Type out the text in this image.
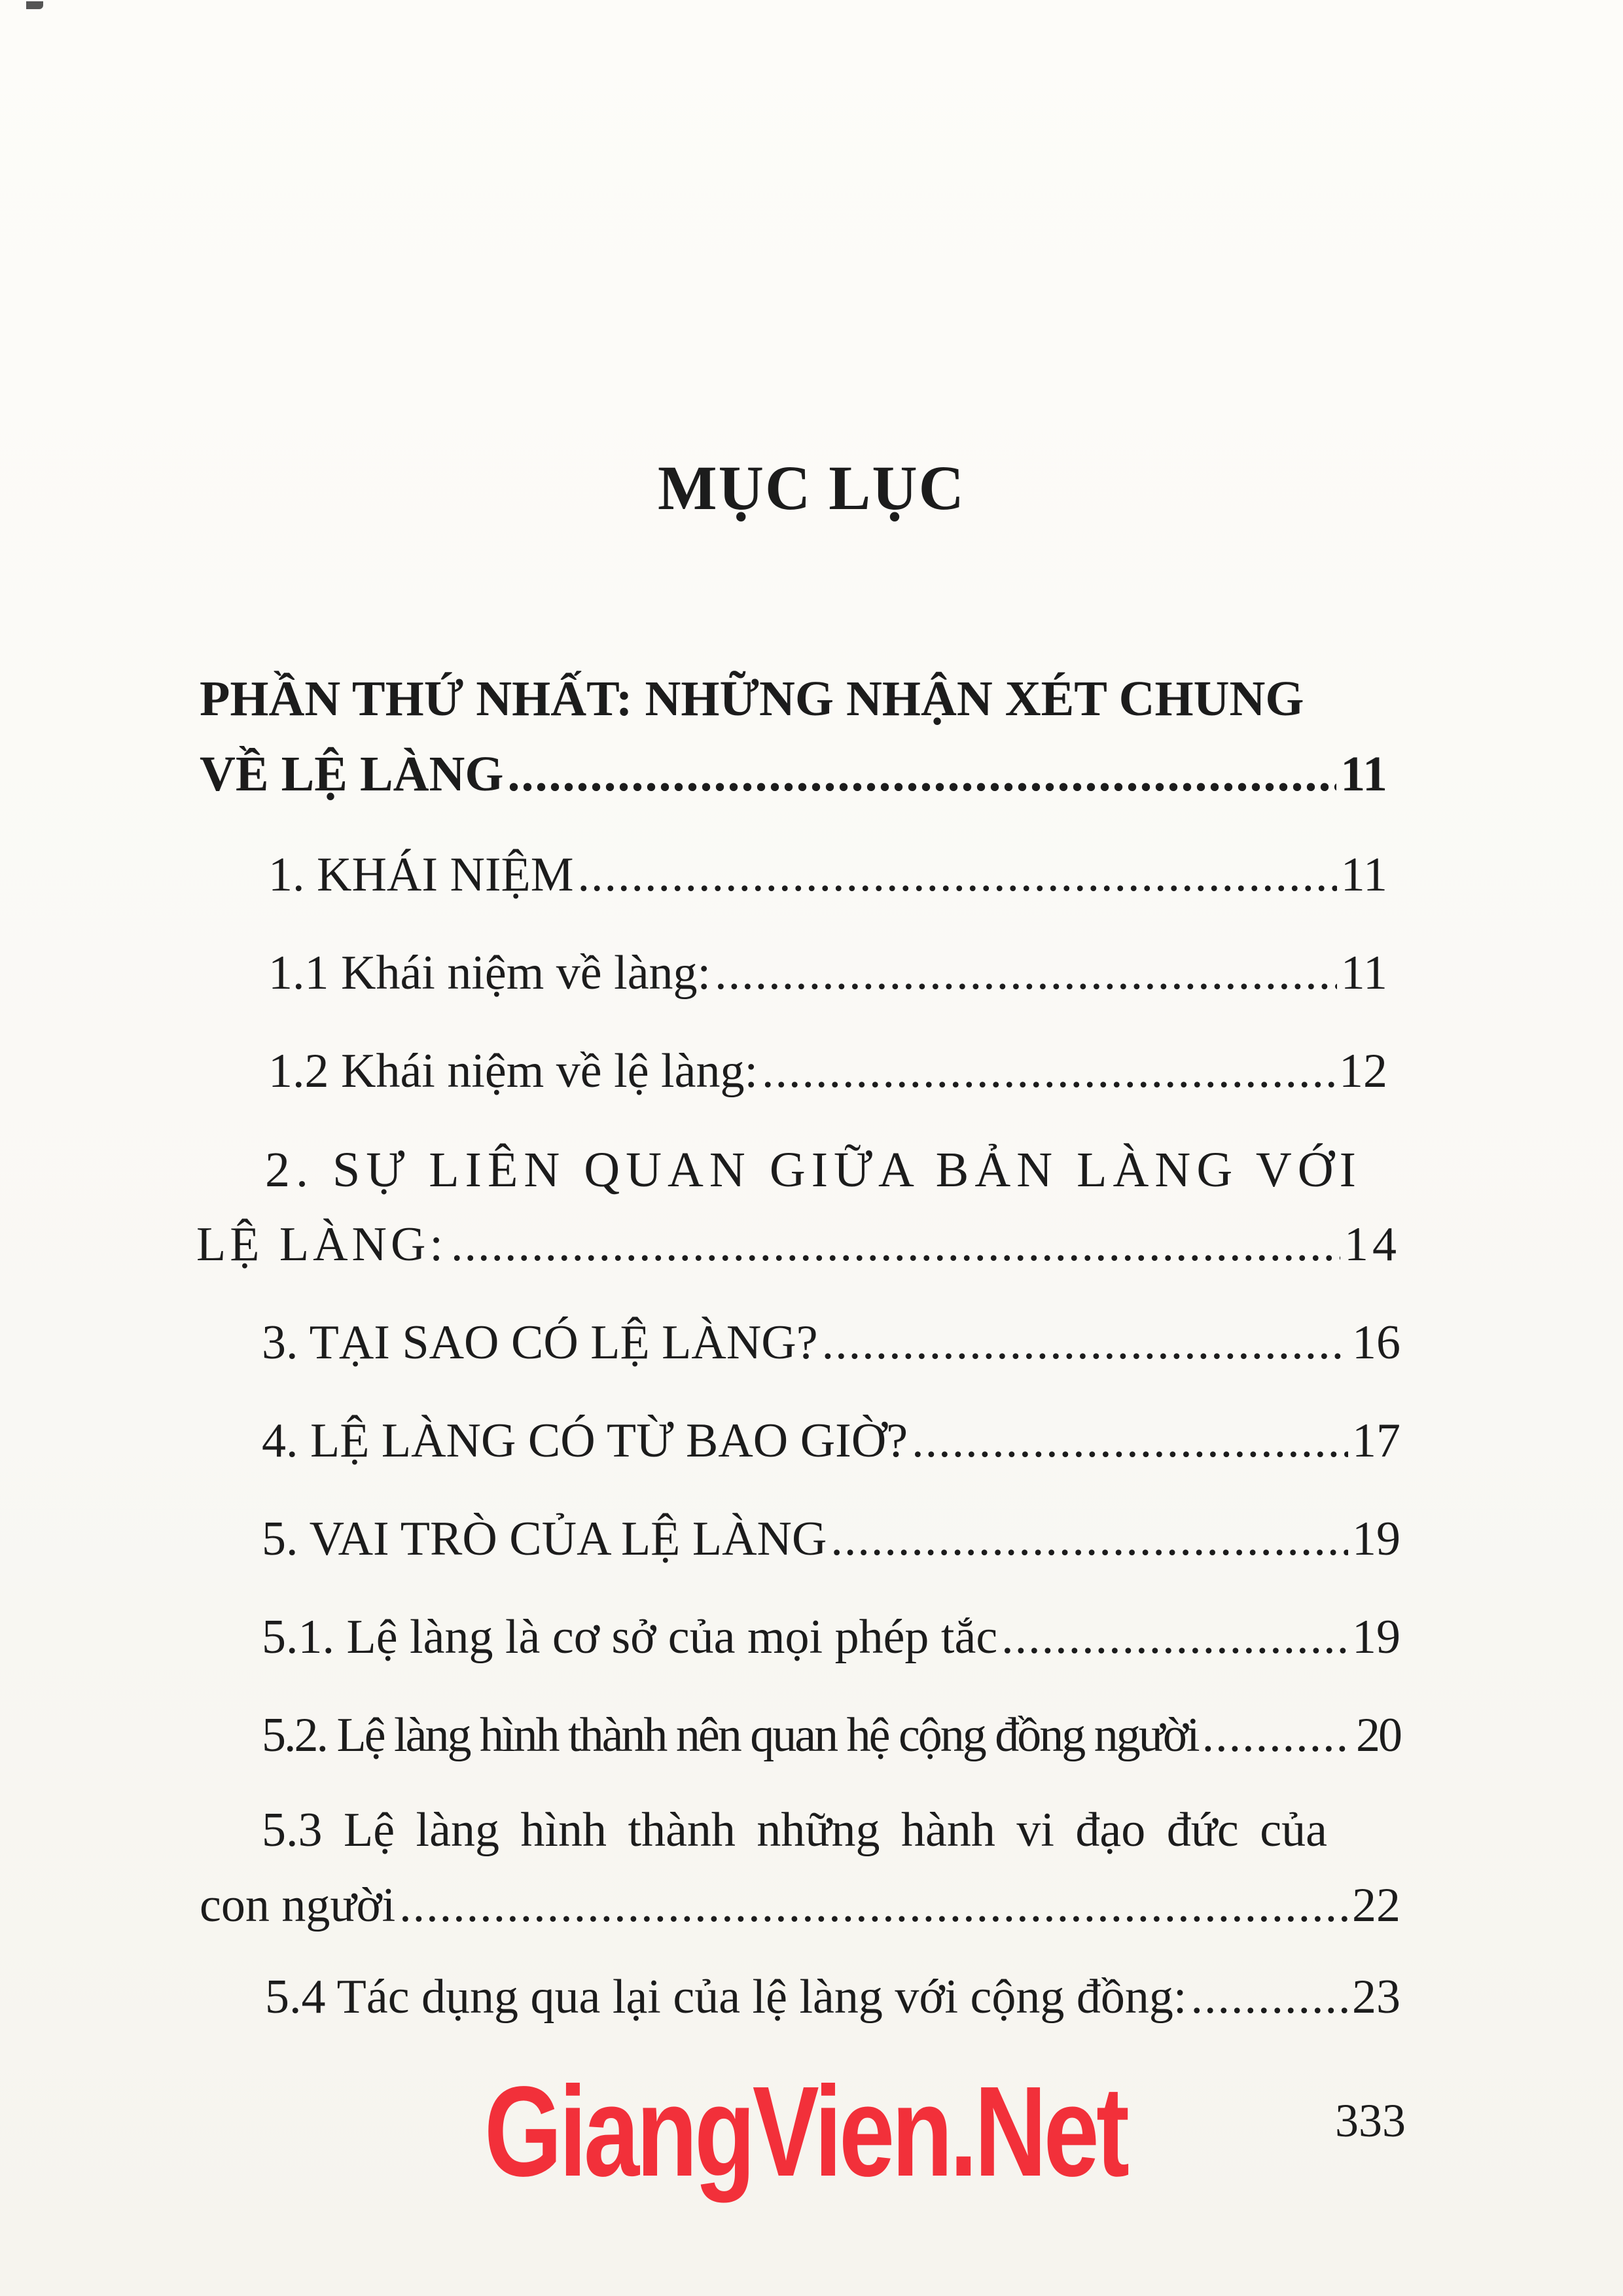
MỤC LỤC
PHẦN THỨ NHẤT: NHỮNG NHẬN XÉT CHUNG
VỀ LỆ LÀNG .....	11
1. KHÁI NIỆM .....	11
1.1 Khái niệm về làng: .....	11
1.2 Khái niệm về lệ làng: .....	12
2. SỰ LIÊN QUAN GIỮA BẢN LÀNG VỚI
LỆ LÀNG: .....	14
3. TẠI SAO CÓ LỆ LÀNG? .....	16
4. LỆ LÀNG CÓ TỪ BAO GIỜ? .....	17
5. VAI TRÒ CỦA LỆ LÀNG .....	19
5.1. Lệ làng là cơ sở của mọi phép tắc .....	19
5.2. Lệ làng hình thành nên quan hệ cộng đồng người .....	20
5.3 Lệ làng hình thành những hành vi đạo đức của
con người .....	22
5.4 Tác dụng qua lại của lệ làng với cộng đồng: .....	23
GiangVien.Net	333
